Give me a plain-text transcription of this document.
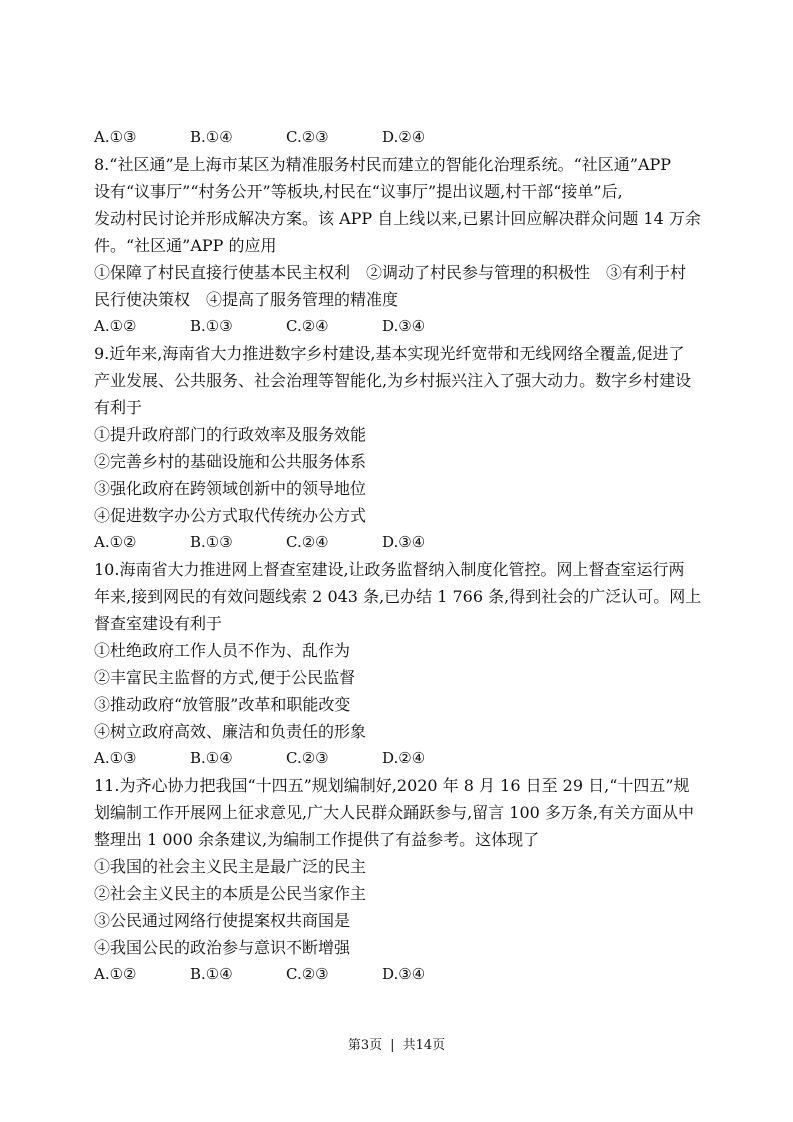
A.①③	B.①④	C.②③	D.②④
8.“社区通”是上海市某区为精准服务村民而建立的智能化治理系统。“社区通”APP
设有“议事厅”“村务公开”等板块,村民在“议事厅”提出议题,村干部“接单”后,
发动村民讨论并形成解决方案。该 APP 自上线以来,已累计回应解决群众问题 14 万余
件。“社区通”APP 的应用
①保障了村民直接行使基本民主权利　②调动了村民参与管理的积极性　③有利于村
民行使决策权　④提高了服务管理的精准度
A.①②	B.①③	C.②④	D.③④
9.近年来,海南省大力推进数字乡村建设,基本实现光纤宽带和无线网络全覆盖,促进了
产业发展、公共服务、社会治理等智能化,为乡村振兴注入了强大动力。数字乡村建设
有利于
①提升政府部门的行政效率及服务效能
②完善乡村的基础设施和公共服务体系
③强化政府在跨领域创新中的领导地位
④促进数字办公方式取代传统办公方式
A.①②	B.①③	C.②④	D.③④
10.海南省大力推进网上督查室建设,让政务监督纳入制度化管控。网上督查室运行两
年来,接到网民的有效问题线索 2 043 条,已办结 1 766 条,得到社会的广泛认可。网上
督查室建设有利于
①杜绝政府工作人员不作为、乱作为
②丰富民主监督的方式,便于公民监督
③推动政府“放管服”改革和职能改变
④树立政府高效、廉洁和负责任的形象
A.①③	B.①④	C.②③	D.②④
11.为齐心协力把我国“十四五”规划编制好,2020 年 8 月 16 日至 29 日,“十四五”规
划编制工作开展网上征求意见,广大人民群众踊跃参与,留言 100 多万条,有关方面从中
整理出 1 000 余条建议,为编制工作提供了有益参考。这体现了
①我国的社会主义民主是最广泛的民主
②社会主义民主的本质是公民当家作主
③公民通过网络行使提案权共商国是
④我国公民的政治参与意识不断增强
A.①②	B.①④	C.②③	D.③④
第3页 | 共14页
